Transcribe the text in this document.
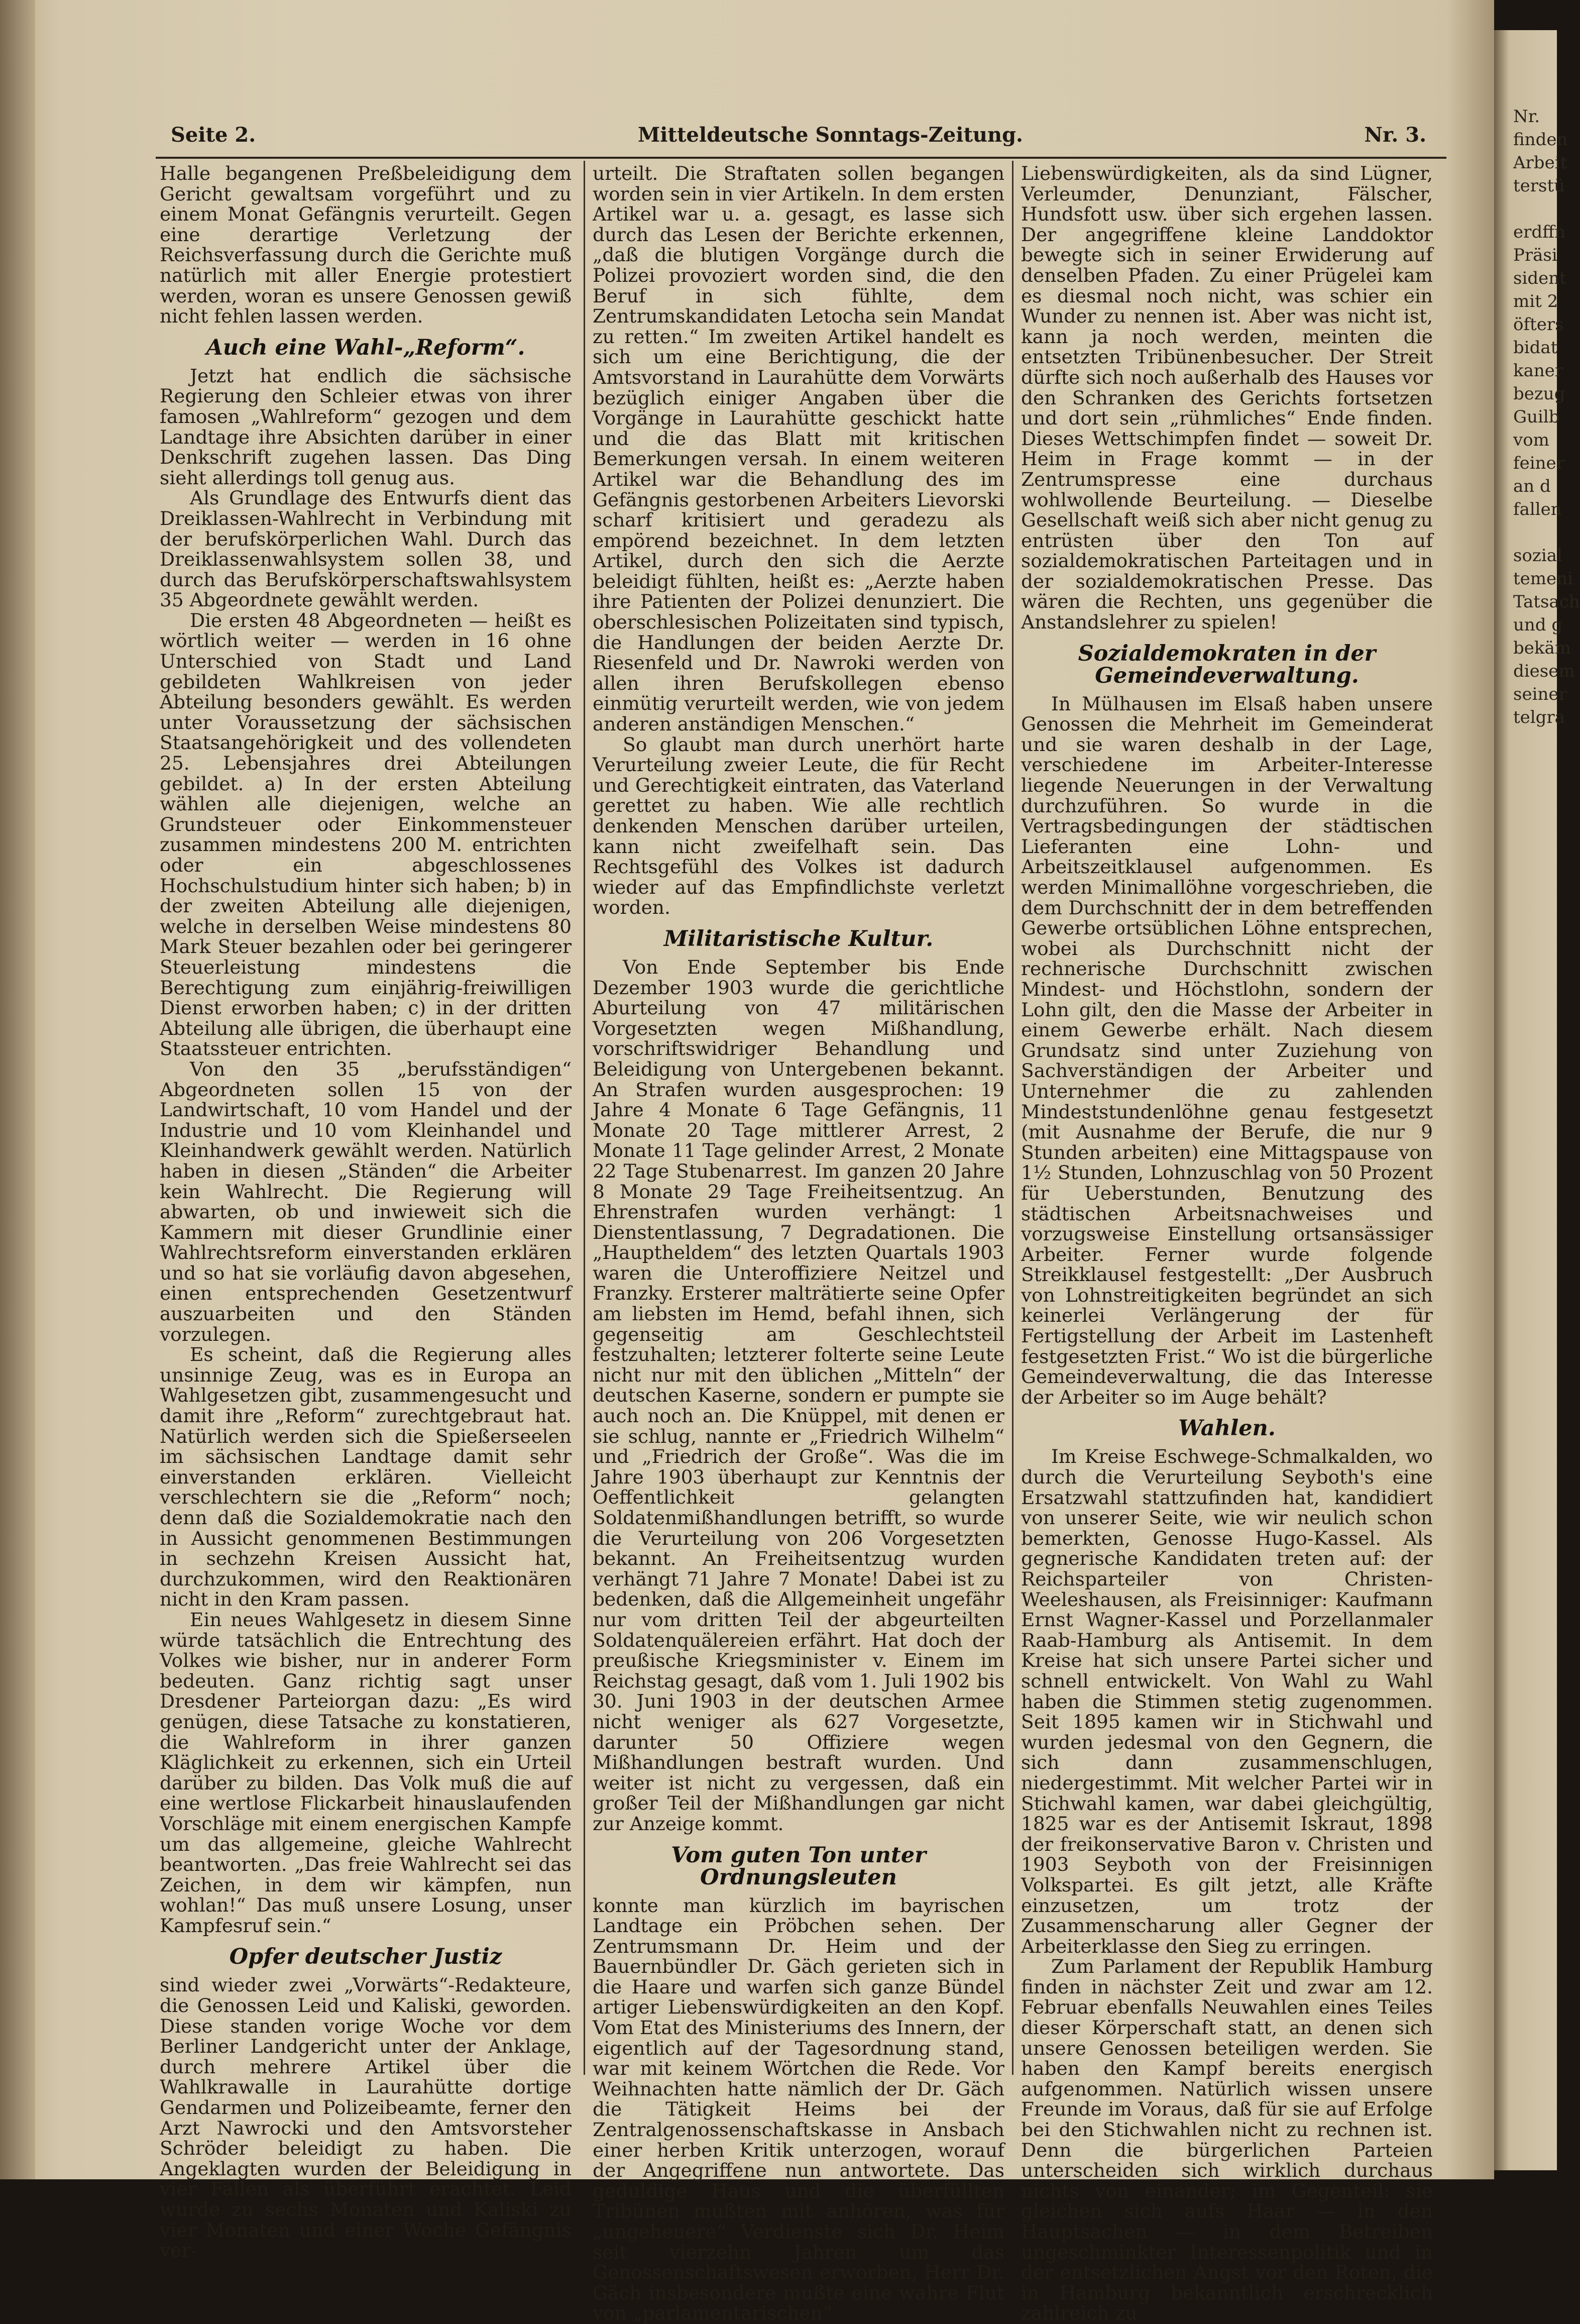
Seite 2.	Mitteldeutsche Sonntags-Zeitung.	Nr. 3.

Halle begangenen Preßbeleidigung dem Gericht gewaltsam vorgeführt und zu einem Monat Gefängnis verurteilt. Gegen eine derartige Verletzung der Reichsverfassung durch die Gerichte muß natürlich mit aller Energie protestiert werden, woran es unsere Genossen gewiß nicht fehlen lassen werden.

Auch eine Wahl-„Reform“.

Jetzt hat endlich die sächsische Regierung den Schleier etwas von ihrer famosen „Wahlreform“ gezogen und dem Landtage ihre Absichten darüber in einer Denkschrift zugehen lassen. Das Ding sieht allerdings toll genug aus.

Als Grundlage des Entwurfs dient das Dreiklassen-Wahlrecht in Verbindung mit der berufskörperlichen Wahl. Durch das Dreiklassenwahlsystem sollen 38, und durch das Berufskörperschaftswahlsystem 35 Abgeordnete gewählt werden.

Die ersten 48 Abgeordneten — heißt es wörtlich weiter — werden in 16 ohne Unterschied von Stadt und Land gebildeten Wahlkreisen von jeder Abteilung besonders gewählt. Es werden unter Voraussetzung der sächsischen Staatsangehörigkeit und des vollendeten 25. Lebensjahres drei Abteilungen gebildet. a) In der ersten Abteilung wählen alle diejenigen, welche an Grundsteuer oder Einkommensteuer zusammen mindestens 200 M. entrichten oder ein abgeschlossenes Hochschulstudium hinter sich haben; b) in der zweiten Abteilung alle diejenigen, welche in derselben Weise mindestens 80 Mark Steuer bezahlen oder bei geringerer Steuerleistung mindestens die Berechtigung zum einjährig-freiwilligen Dienst erworben haben; c) in der dritten Abteilung alle übrigen, die überhaupt eine Staatssteuer entrichten.

Von den 35 „berufsständigen“ Abgeordneten sollen 15 von der Landwirtschaft, 10 vom Handel und der Industrie und 10 vom Kleinhandel und Kleinhandwerk gewählt werden. Natürlich haben in diesen „Ständen“ die Arbeiter kein Wahlrecht. Die Regierung will abwarten, ob und inwieweit sich die Kammern mit dieser Grundlinie einer Wahlrechtsreform einverstanden erklären und so hat sie vorläufig davon abgesehen, einen entsprechenden Gesetzentwurf auszuarbeiten und den Ständen vorzulegen.

Es scheint, daß die Regierung alles unsinnige Zeug, was es in Europa an Wahlgesetzen gibt, zusammengesucht und damit ihre „Reform“ zurechtgebraut hat. Natürlich werden sich die Spießerseelen im sächsischen Landtage damit sehr einverstanden erklären. Vielleicht verschlechtern sie die „Reform“ noch; denn daß die Sozialdemokratie nach den in Aussicht genommenen Bestimmungen in sechzehn Kreisen Aussicht hat, durchzukommen, wird den Reaktionären nicht in den Kram passen.

Ein neues Wahlgesetz in diesem Sinne würde tatsächlich die Entrechtung des Volkes wie bisher, nur in anderer Form bedeuten. Ganz richtig sagt unser Dresdener Parteiorgan dazu: „Es wird genügen, diese Tatsache zu konstatieren, die Wahlreform in ihrer ganzen Kläglichkeit zu erkennen, sich ein Urteil darüber zu bilden. Das Volk muß die auf eine wertlose Flickarbeit hinauslaufenden Vorschläge mit einem energischen Kampfe um das allgemeine, gleiche Wahlrecht beantworten. „Das freie Wahlrecht sei das Zeichen, in dem wir kämpfen, nun wohlan!“ Das muß unsere Losung, unser Kampfesruf sein.“

Opfer deutscher Justiz

sind wieder zwei „Vorwärts“-Redakteure, die Genossen Leid und Kaliski, geworden. Diese standen vorige Woche vor dem Berliner Landgericht unter der Anklage, durch mehrere Artikel über die Wahlkrawalle in Laurahütte dortige Gendarmen und Polizeibeamte, ferner den Arzt Nawrocki und den Amtsvorsteher Schröder beleidigt zu haben. Die Angeklagten wurden der Beleidigung in vier Fällen als überführt erachtet. Leid wurde zu sechs Monaten und Kaliski zu vier Monaten und einer Woche Gefängnis ver-

urteilt. Die Straftaten sollen begangen worden sein in vier Artikeln. In dem ersten Artikel war u. a. gesagt, es lasse sich durch das Lesen der Berichte erkennen, „daß die blutigen Vorgänge durch die Polizei provoziert worden sind, die den Beruf in sich fühlte, dem Zentrumskandidaten Letocha sein Mandat zu retten.“ Im zweiten Artikel handelt es sich um eine Berichtigung, die der Amtsvorstand in Laurahütte dem Vorwärts bezüglich einiger Angaben über die Vorgänge in Laurahütte geschickt hatte und die das Blatt mit kritischen Bemerkungen versah. In einem weiteren Artikel war die Behandlung des im Gefängnis gestorbenen Arbeiters Lievorski scharf kritisiert und geradezu als empörend bezeichnet. In dem letzten Artikel, durch den sich die Aerzte beleidigt fühlten, heißt es: „Aerzte haben ihre Patienten der Polizei denunziert. Die oberschlesischen Polizeitaten sind typisch, die Handlungen der beiden Aerzte Dr. Riesenfeld und Dr. Nawroki werden von allen ihren Berufskollegen ebenso einmütig verurteilt werden, wie von jedem anderen anständigen Menschen.“

So glaubt man durch unerhört harte Verurteilung zweier Leute, die für Recht und Gerechtigkeit eintraten, das Vaterland gerettet zu haben. Wie alle rechtlich denkenden Menschen darüber urteilen, kann nicht zweifelhaft sein. Das Rechtsgefühl des Volkes ist dadurch wieder auf das Empfindlichste verletzt worden.

Militaristische Kultur.

Von Ende September bis Ende Dezember 1903 wurde die gerichtliche Aburteilung von 47 militärischen Vorgesetzten wegen Mißhandlung, vorschriftswidriger Behandlung und Beleidigung von Untergebenen bekannt. An Strafen wurden ausgesprochen: 19 Jahre 4 Monate 6 Tage Gefängnis, 11 Monate 20 Tage mittlerer Arrest, 2 Monate 11 Tage gelinder Arrest, 2 Monate 22 Tage Stubenarrest. Im ganzen 20 Jahre 8 Monate 29 Tage Freiheitsentzug. An Ehrenstrafen wurden verhängt: 1 Dienstentlassung, 7 Degradationen. Die „Hauptheldem“ des letzten Quartals 1903 waren die Unteroffiziere Neitzel und Franzky. Ersterer malträtierte seine Opfer am liebsten im Hemd, befahl ihnen, sich gegenseitig am Geschlechtsteil festzuhalten; letzterer folterte seine Leute nicht nur mit den üblichen „Mitteln“ der deutschen Kaserne, sondern er pumpte sie auch noch an. Die Knüppel, mit denen er sie schlug, nannte er „Friedrich Wilhelm“ und „Friedrich der Große“. Was die im Jahre 1903 überhaupt zur Kenntnis der Oeffentlichkeit gelangten Soldatenmißhandlungen betrifft, so wurde die Verurteilung von 206 Vorgesetzten bekannt. An Freiheitsentzug wurden verhängt 71 Jahre 7 Monate! Dabei ist zu bedenken, daß die Allgemeinheit ungefähr nur vom dritten Teil der abgeurteilten Soldatenquälereien erfährt. Hat doch der preußische Kriegsminister v. Einem im Reichstag gesagt, daß vom 1. Juli 1902 bis 30. Juni 1903 in der deutschen Armee nicht weniger als 627 Vorgesetzte, darunter 50 Offiziere wegen Mißhandlungen bestraft wurden. Und weiter ist nicht zu vergessen, daß ein großer Teil der Mißhandlungen gar nicht zur Anzeige kommt.

Vom guten Ton unter Ordnungsleuten

konnte man kürzlich im bayrischen Landtage ein Pröbchen sehen. Der Zentrumsmann Dr. Heim und der Bauernbündler Dr. Gäch gerieten sich in die Haare und warfen sich ganze Bündel artiger Liebenswürdigkeiten an den Kopf. Vom Etat des Ministeriums des Innern, der eigentlich auf der Tagesordnung stand, war mit keinem Wörtchen die Rede. Vor Weihnachten hatte nämlich der Dr. Gäch die Tätigkeit Heims bei der Zentralgenossenschaftskasse in Ansbach einer herben Kritik unterzogen, worauf der Angegriffene nun antwortete. Das geduldige Haus und die überfüllten Tribünen mußten mit anhören, was für „ungeheuere“ Verdienste sich Dr. Heim seit vierzehn Jahren um das Genossenschaftswesen erworben, Herr Dr. Gäch insbesondere mußte eine wahre Flut von „parlamentarischen“

Liebenswürdigkeiten, als da sind Lügner, Verleumder, Denunziant, Fälscher, Hundsfott usw. über sich ergehen lassen. Der angegriffene kleine Landdoktor bewegte sich in seiner Erwiderung auf denselben Pfaden. Zu einer Prügelei kam es diesmal noch nicht, was schier ein Wunder zu nennen ist. Aber was nicht ist, kann ja noch werden, meinten die entsetzten Tribünenbesucher. Der Streit dürfte sich noch außerhalb des Hauses vor den Schranken des Gerichts fortsetzen und dort sein „rühmliches“ Ende finden. Dieses Wettschimpfen findet — soweit Dr. Heim in Frage kommt — in der Zentrumspresse eine durchaus wohlwollende Beurteilung. — Dieselbe Gesellschaft weiß sich aber nicht genug zu entrüsten über den Ton auf sozialdemokratischen Parteitagen und in der sozialdemokratischen Presse. Das wären die Rechten, uns gegenüber die Anstandslehrer zu spielen!

Sozialdemokraten in der Gemeindeverwaltung.

In Mülhausen im Elsaß haben unsere Genossen die Mehrheit im Gemeinderat und sie waren deshalb in der Lage, verschiedene im Arbeiter-Interesse liegende Neuerungen in der Verwaltung durchzuführen. So wurde in die Vertragsbedingungen der städtischen Lieferanten eine Lohn- und Arbeitszeitklausel aufgenommen. Es werden Minimallöhne vorgeschrieben, die dem Durchschnitt der in dem betreffenden Gewerbe ortsüblichen Löhne entsprechen, wobei als Durchschnitt nicht der rechnerische Durchschnitt zwischen Mindest- und Höchstlohn, sondern der Lohn gilt, den die Masse der Arbeiter in einem Gewerbe erhält. Nach diesem Grundsatz sind unter Zuziehung von Sachverständigen der Arbeiter und Unternehmer die zu zahlenden Mindeststundenlöhne genau festgesetzt (mit Ausnahme der Berufe, die nur 9 Stunden arbeiten) eine Mittagspause von 1½ Stunden, Lohnzuschlag von 50 Prozent für Ueberstunden, Benutzung des städtischen Arbeitsnachweises und vorzugsweise Einstellung ortsansässiger Arbeiter. Ferner wurde folgende Streikklausel festgestellt: „Der Ausbruch von Lohnstreitigkeiten begründet an sich keinerlei Verlängerung der für Fertigstellung der Arbeit im Lastenheft festgesetzten Frist.“ Wo ist die bürgerliche Gemeindeverwaltung, die das Interesse der Arbeiter so im Auge behält?

Wahlen.

Im Kreise Eschwege-Schmalkalden, wo durch die Verurteilung Seyboth's eine Ersatzwahl stattzufinden hat, kandidiert von unserer Seite, wie wir neulich schon bemerkten, Genosse Hugo-Kassel. Als gegnerische Kandidaten treten auf: der Reichsparteiler von Christen-Weeleshausen, als Freisinniger: Kaufmann Ernst Wagner-Kassel und Porzellanmaler Raab-Hamburg als Antisemit. In dem Kreise hat sich unsere Partei sicher und schnell entwickelt. Von Wahl zu Wahl haben die Stimmen stetig zugenommen. Seit 1895 kamen wir in Stichwahl und wurden jedesmal von den Gegnern, die sich dann zusammenschlugen, niedergestimmt. Mit welcher Partei wir in Stichwahl kamen, war dabei gleichgültig, 1825 war es der Antisemit Iskraut, 1898 der freikonservative Baron v. Christen und 1903 Seyboth von der Freisinnigen Volkspartei. Es gilt jetzt, alle Kräfte einzusetzen, um trotz der Zusammenscharung aller Gegner der Arbeiterklasse den Sieg zu erringen.

Zum Parlament der Republik Hamburg finden in nächster Zeit und zwar am 12. Februar ebenfalls Neuwahlen eines Teiles dieser Körperschaft statt, an denen sich unsere Genossen beteiligen werden. Sie haben den Kampf bereits energisch aufgenommen. Natürlich wissen unsere Freunde im Voraus, daß für sie auf Erfolge bei den Stichwahlen nicht zu rechnen ist. Denn die bürgerlichen Parteien unterscheiden sich wirklich durchaus nichts von einander; im Gegenteil: sie gleichen sich aufs Haar — in den Hauptsachen — in dem Betreiben ungeschminkter Interessenpolitik und in der entsetzlichen Angst vor den Roten, die in Hamburg bekanntlich erschrecklich zahlreich zu

Nr.
finden
Arbeit
terstü
erdffn
Präsi
sident
mit 2
öfters
bidat
kaner
bezug
Guilb
vom
feiner
an d
fallen
sozial
temeni
Tatsach
und g
bekäm
diesem
seiner
telgra
